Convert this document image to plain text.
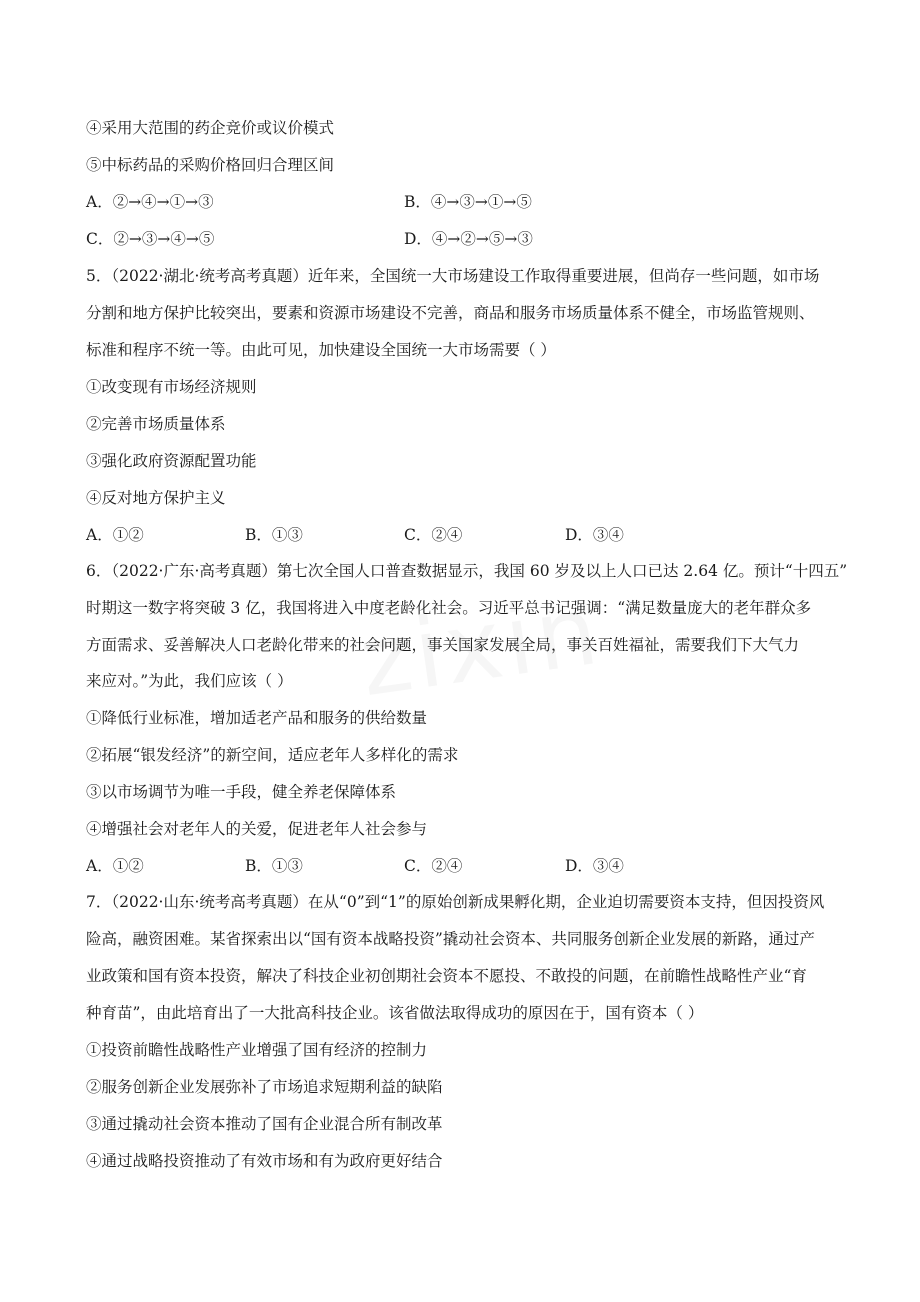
④采用大范围的药企竞价或议价模式
⑤中标药品的采购价格回归合理区间
A．②→④→①→③	B．④→③→①→⑤
C．②→③→④→⑤	D．④→②→⑤→③
5．（2022·湖北·统考高考真题）近年来，全国统一大市场建设工作取得重要进展，但尚存一些问题，如市场
分割和地方保护比较突出，要素和资源市场建设不完善，商品和服务市场质量体系不健全，市场监管规则、
标准和程序不统一等。由此可见，加快建设全国统一大市场需要（ ）
①改变现有市场经济规则
②完善市场质量体系
③强化政府资源配置功能
④反对地方保护主义
A．①②	B．①③	C．②④	D．③④
6．（2022·广东·高考真题）第七次全国人口普查数据显示，我国 60 岁及以上人口已达 2.64 亿。预计“十四五”
时期这一数字将突破 3 亿，我国将进入中度老龄化社会。习近平总书记强调：“满足数量庞大的老年群众多
方面需求、妥善解决人口老龄化带来的社会问题，事关国家发展全局，事关百姓福祉，需要我们下大气力
来应对。”为此，我们应该（ ）
①降低行业标准，增加适老产品和服务的供给数量
②拓展“银发经济”的新空间，适应老年人多样化的需求
③以市场调节为唯一手段，健全养老保障体系
④增强社会对老年人的关爱，促进老年人社会参与
A．①②	B．①③	C．②④	D．③④
7．（2022·山东·统考高考真题）在从“0”到“1”的原始创新成果孵化期，企业迫切需要资本支持，但因投资风
险高，融资困难。某省探索出以“国有资本战略投资”撬动社会资本、共同服务创新企业发展的新路，通过产
业政策和国有资本投资，解决了科技企业初创期社会资本不愿投、不敢投的问题，在前瞻性战略性产业“育
种育苗”，由此培育出了一大批高科技企业。该省做法取得成功的原因在于，国有资本（ ）
①投资前瞻性战略性产业增强了国有经济的控制力
②服务创新企业发展弥补了市场追求短期利益的缺陷
③通过撬动社会资本推动了国有企业混合所有制改革
④通过战略投资推动了有效市场和有为政府更好结合
